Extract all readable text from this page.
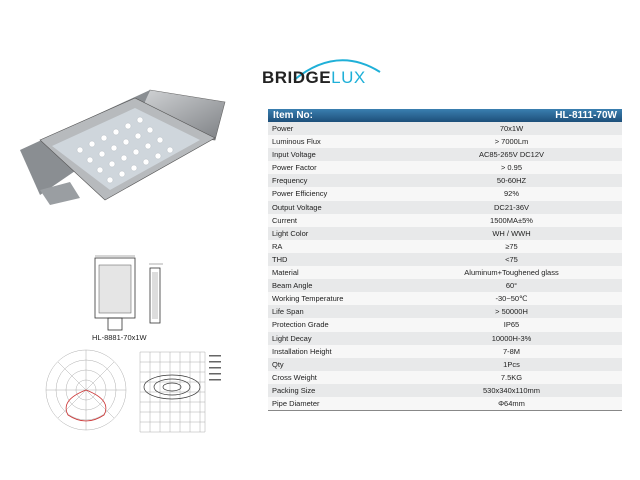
BRIDGELUX
Item No:	HL-8111-70W
Power	70x1W
Luminous Flux	> 7000Lm
Input Voltage	AC85-265V DC12V
Power Factor	> 0.95
Frequency	50-60HZ
Power Efficiency	92%
Output Voltage	DC21-36V
Current	1500MA±5%
Light Color	WH / WWH
RA	≥75
THD	<75
Material	Aluminum+Toughened glass
Beam Angle	60°
Working Temperature	-30~50℃
Life Span	> 50000H
Protection Grade	IP65
Light Decay	10000H-3%
Installation Height	7-8M
Qty	1Pcs
Cross Weight	7.5KG
Packing Size	530x340x110mm
Pipe Diameter	Φ64mm
HL-8881-70x1W
